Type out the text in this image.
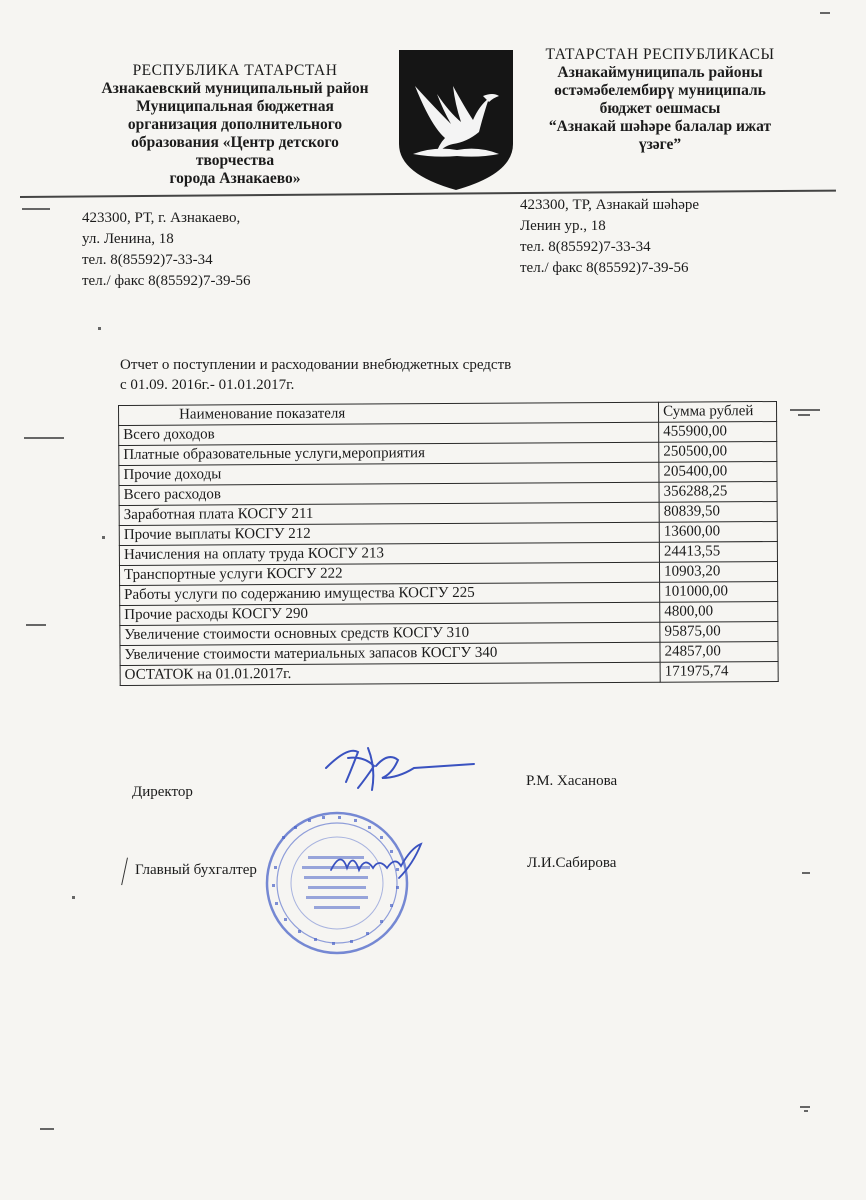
РЕСПУБЛИКА ТАТАРСТАН
Азнакаевский муниципальный район
Муниципальная бюджетная
организация дополнительного
образования «Центр детского
творчества
города Азнакаево»
ТАТАРСТАН РЕСПУБЛИКАСЫ
Азнакаймуниципаль районы
өстәмәбелембирү муниципаль
бюджет оешмасы
“Азнакай шәһәре балалар ижат
үзәге”
423300, РТ, г. Азнакаево,
ул. Ленина, 18
тел. 8(85592)7-33-34
тел./ факс 8(85592)7-39-56
423300, ТР, Азнакай шәһәре
Ленин ур., 18
тел. 8(85592)7-33-34
тел./ факс 8(85592)7-39-56
Отчет о поступлении и расходовании внебюджетных средств
с 01.09. 2016г.- 01.01.2017г.
Наименование показателя	Сумма рублей
Всего доходов	455900,00
Платные образовательные услуги,мероприятия	250500,00
Прочие доходы	205400,00
Всего расходов	356288,25
Заработная плата КОСГУ 211	80839,50
Прочие выплаты КОСГУ 212	13600,00
Начисления на оплату труда КОСГУ 213	24413,55
Транспортные услуги КОСГУ 222	10903,20
Работы услуги по содержанию имущества КОСГУ 225	101000,00
Прочие расходы КОСГУ 290	4800,00
Увеличение стоимости основных средств КОСГУ 310	95875,00
Увеличение стоимости материальных запасов КОСГУ 340	24857,00
ОСТАТОК на 01.01.2017г.	171975,74
Директор
Р.М. Хасанова
Главный бухгалтер	Л.И.Сабирова
